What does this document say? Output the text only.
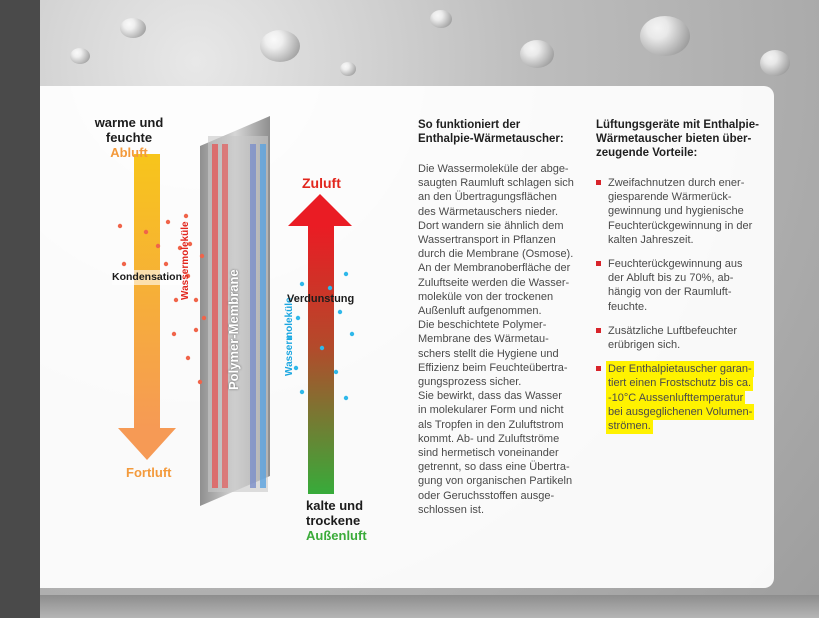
warme und
feuchte
Abluft
Kondensation
Fortluft
Wassermoleküle
Polymer-Membrane	Wassermoleküle
Zuluft
Verdunstung
kalte und
trockene
Außenluft
So funktioniert der
Enthalpie-Wärmetauscher:
Die Wassermoleküle der abge-
saugten Raumluft schlagen sich
an den Übertragungsflächen
des Wärmetauschers nieder.
Dort wandern sie ähnlich dem
Wassertransport in Pflanzen
durch die Membrane (Osmose).
An der Membranoberfläche der
Zuluftseite werden die Wasser-
moleküle von der trockenen
Außenluft aufgenommen.
Die beschichtete Polymer-
Membrane des Wärmetau-
schers stellt die Hygiene und
Effizienz beim Feuchteübertra-
gungsprozess sicher.
Sie bewirkt, dass das Wasser
in molekularer Form und nicht
als Tropfen in den Zuluftstrom
kommt. Ab- und Zuluftströme
sind hermetisch voneinander
getrennt, so dass eine Übertra-
gung von organischen Partikeln
oder Geruchsstoffen ausge-
schlossen ist.
Lüftungsgeräte mit Enthalpie-
Wärmetauscher bieten über-
zeugende Vorteile:
Zweifachnutzen durch ener-
giesparende Wärmerück-
gewinnung und hygienische
Feuchterückgewinnung in der
kalten Jahreszeit.
Feuchterückgewinnung aus
der Abluft bis zu 70%, ab-
hängig von der Raumluft-
feuchte.
Zusätzliche Luftbefeuchter
erübrigen sich.
Der Enthalpietauscher garan-
tiert einen Frostschutz bis ca.
-10°C Aussenlufttemperatur
bei ausgeglichenen Volumen-
strömen.
